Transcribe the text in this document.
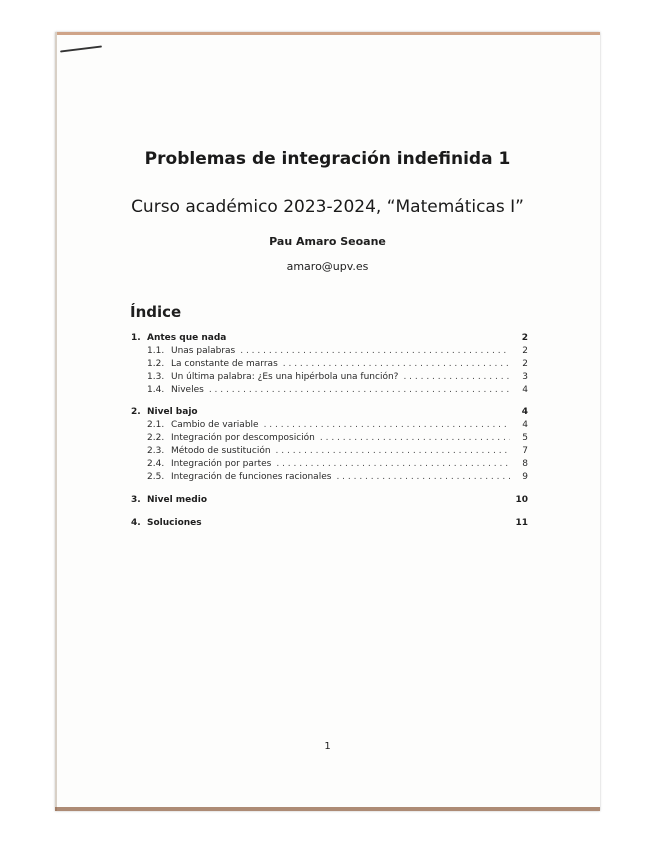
Problemas de integración indefinida 1
Curso académico 2023-2024, “Matemáticas I”
Pau Amaro Seoane
amaro@upv.es
Índice
1. Antes que nada	2
1.1. Unas palabras . . .	2
1.2. La constante de marras . . .	2
1.3. Un última palabra: ¿Es una hipérbola una función? . . .	3
1.4. Niveles . . .	4
2. Nivel bajo	4
2.1. Cambio de variable . . .	4
2.2. Integración por descomposición . . .	5
2.3. Método de sustitución . . .	7
2.4. Integración por partes . . .	8
2.5. Integración de funciones racionales . . .	9
3. Nivel medio	10
4. Soluciones	11
1
